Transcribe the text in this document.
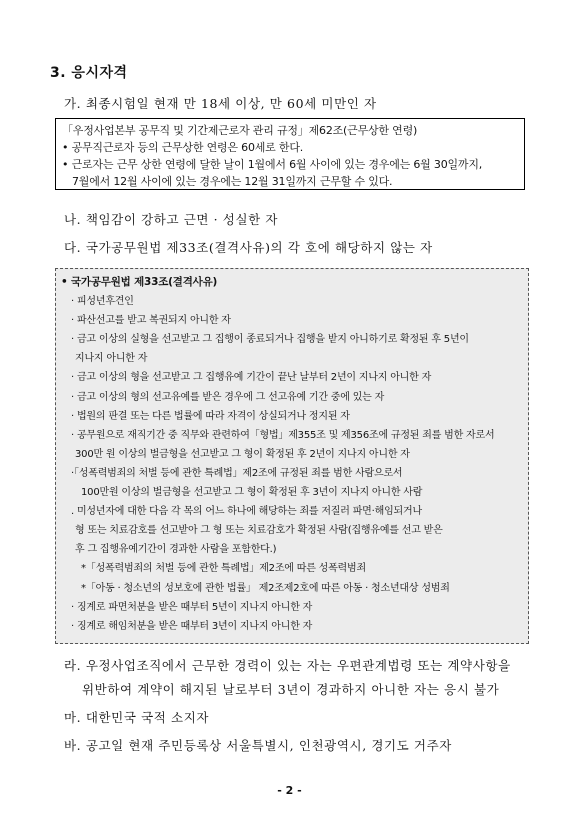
3. 응시자격
가. 최종시험일 현재 만 18세 이상, 만 60세 미만인 자
「우정사업본부 공무직 및 기간제근로자 관리 규정」제62조(근무상한 연령)
• 공무직근로자 등의 근무상한 연령은 60세로 한다.
• 근로자는 근무 상한 연령에 달한 날이 1월에서 6월 사이에 있는 경우에는 6월 30일까지,
7월에서 12월 사이에 있는 경우에는 12월 31일까지 근무할 수 있다.
나. 책임감이 강하고 근면 · 성실한 자
다. 국가공무원법 제33조(결격사유)의 각 호에 해당하지 않는 자
• 국가공무원법 제33조(결격사유)
· 피성년후견인
· 파산선고를 받고 복권되지 아니한 자
· 금고 이상의 실형을 선고받고 그 집행이 종료되거나 집행을 받지 아니하기로 확정된 후 5년이
지나지 아니한 자
· 금고 이상의 형을 선고받고 그 집행유예 기간이 끝난 날부터 2년이 지나지 아니한 자
· 금고 이상의 형의 선고유예를 받은 경우에 그 선고유예 기간 중에 있는 자
· 법원의 판결 또는 다른 법률에 따라 자격이 상실되거나 정지된 자
· 공무원으로 재직기간 중 직무와 관련하여「형법」제355조 및 제356조에 규정된 죄를 범한 자로서
300만 원 이상의 벌금형을 선고받고 그 형이 확정된 후 2년이 지나지 아니한 자
·「성폭력범죄의 처벌 등에 관한 특례법」제2조에 규정된 죄를 범한 사람으로서
100만원 이상의 벌금형을 선고받고 그 형이 확정된 후 3년이 지나지 아니한 사람
. 미성년자에 대한 다음 각 목의 어느 하나에 해당하는 죄를 저질러 파면·해임되거나
형 또는 치료감호를 선고받아 그 형 또는 치료감호가 확정된 사람(집행유예를 선고 받은
후 그 집행유예기간이 경과한 사람을 포함한다.)
*「성폭력범죄의 처벌 등에 관한 특례법」제2조에 따른 성폭력범죄
*「아동 · 청소년의 성보호에 관한 법률」 제2조제2호에 따른 아동 · 청소년대상 성범죄
· 징계로 파면처분을 받은 때부터 5년이 지나지 아니한 자
· 징계로 해임처분을 받은 때부터 3년이 지나지 아니한 자
라. 우정사업조직에서 근무한 경력이 있는 자는 우편관계법령 또는 계약사항을
위반하여 계약이 해지된 날로부터 3년이 경과하지 아니한 자는 응시 불가
마. 대한민국 국적 소지자
바. 공고일 현재 주민등록상 서울특별시, 인천광역시, 경기도 거주자
- 2 -
